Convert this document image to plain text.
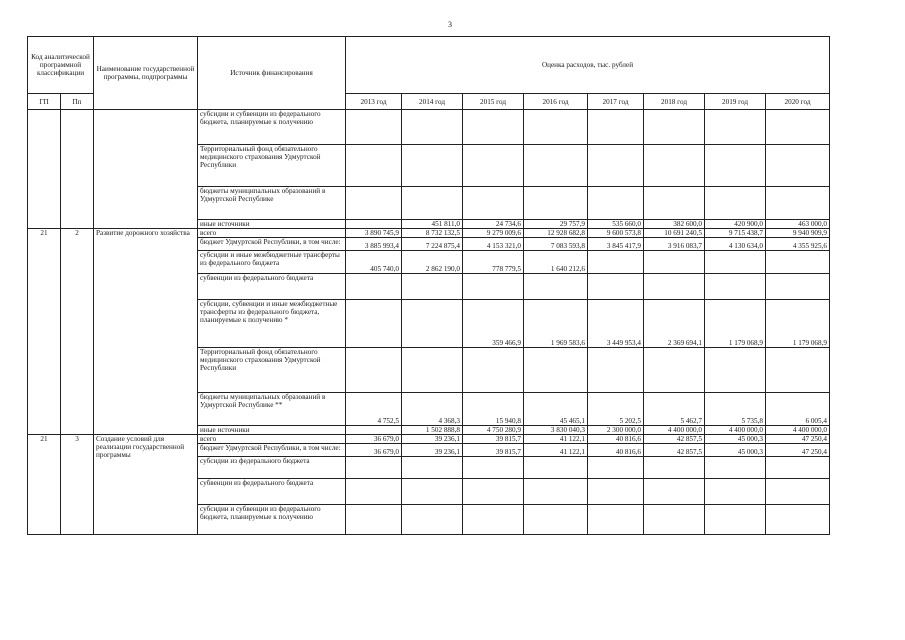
3
Код аналитической программной классификации		Наименование государственной программы, подпрограммы	Источник финансирования	Оценка расходов, тыс. рублей							
ГП	Пп			2013 год	2014 год	2015 год	2016 год	2017 год	2018 год	2019 год	2020 год
			субсидии и субвенции из федерального бюджета, планируемые к получению								
			Территориальный фонд обязательного медицинского страхования Удмуртской Республики								
			бюджеты муниципальных образований в Удмуртской Республике								
			иные источники		451 811,0	24 734,6	29 757,9	535 660,0	382 600,0	420 900,0	463 000,0
21	2	Развитие дорожного хозяйства	всего	3 890 745,9	8 732 132,5	9 279 009,6	12 928 682,8	9 600 573,8	10 691 240,5	9 715 438,7	9 940 909,9
			бюджет Удмуртской Республики, в том числе:	3 885 993,4	7 224 875,4	4 153 321,0	7 083 593,8	3 845 417,9	3 916 083,7	4 130 634,0	4 355 925,6
			субсидии и иные межбюджетные трансферты из федерального бюджета	405 740,0	2 862 190,0	778 779,5	1 640 212,6				
			субвенции из федерального бюджета								
			субсидии, субвенции и иные межбюджетные трансферты из федерального бюджета, планируемые к получению *			359 466,9	1 969 583,6	3 449 953,4	2 369 694,1	1 179 068,9	1 179 068,9
			Территориальный фонд обязательного медицинского страхования Удмуртской Республики								
			бюджеты муниципальных образований в Удмуртской Республике **	4 752,5	4 368,3	15 940,8	45 465,1	5 202,5	5 462,7	5 735,8	6 005,4
			иные источники		1 502 888,8	4 750 280,9	3 830 040,3	2 300 000,0	4 400 000,0	4 400 000,0	4 400 000,0
21	3	Создание условий для реализации государственной программы	всего	36 679,0	39 236,1	39 815,7	41 122,1	40 816,6	42 857,5	45 000,3	47 250,4
			бюджет Удмуртской Республики, в том числе:	36 679,0	39 236,1	39 815,7	41 122,1	40 816,6	42 857,5	45 000,3	47 250,4
			субсидии из федерального бюджета								
			субвенции из федерального бюджета								
			субсидии и субвенции из федерального бюджета, планируемые к получению								
